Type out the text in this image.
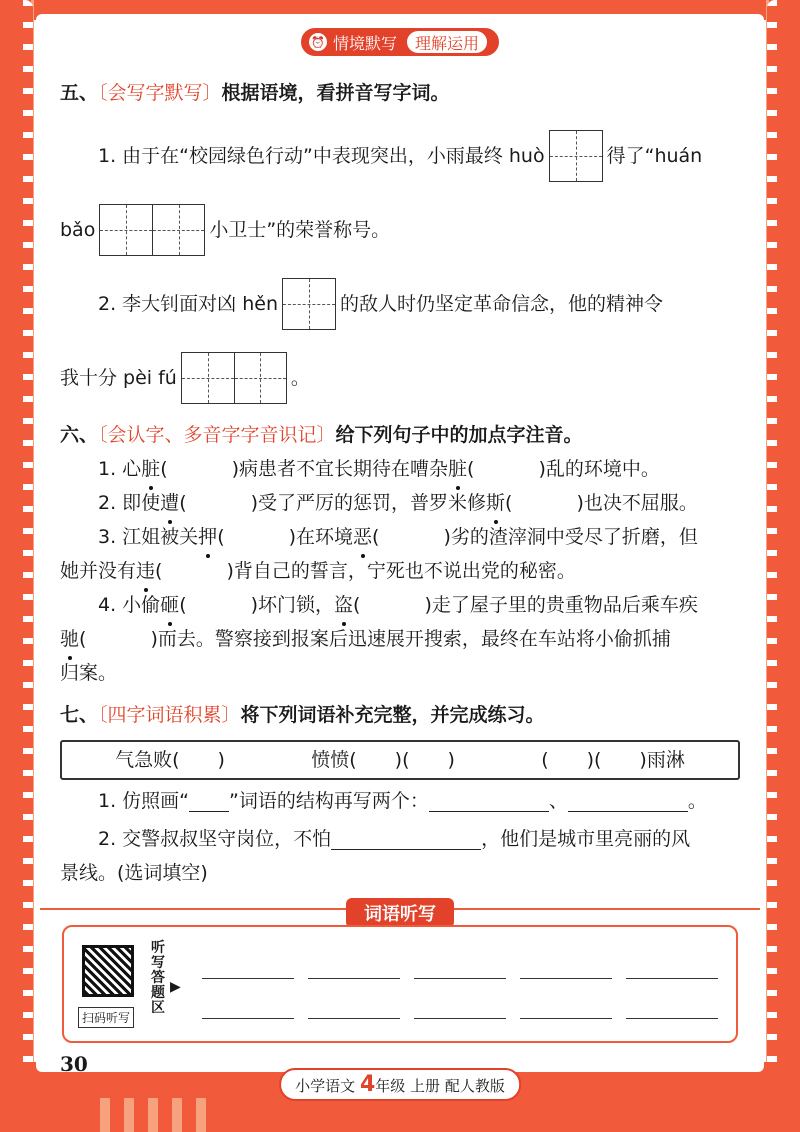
⏰ 情境默写	理解运用
五、〔会写字默写〕根据语境，看拼音写字词。
1. 由于在“校园绿色行动”中表现突出，小雨最终 huò	得了“huán
bǎo	小卫士”的荣誉称号。
2. 李大钊面对凶 hěn	的敌人时仍坚定革命信念，他的精神令
我十分 pèi fú	。
六、〔会认字、多音字字音识记〕给下列句子中的加点字注音。
1. 心脏(	)病患者不宜长期待在嘈杂脏(	)乱的环境中。
2. 即使遭(	)受了严厉的惩罚，普罗米修斯(	)也决不屈服。
3. 江姐被关押(	)在环境恶(	)劣的渣滓洞中受尽了折磨，但
她并没有违(	)背自己的誓言，宁死也不说出党的秘密。
4. 小偷砸(	)坏门锁，盗(	)走了屋子里的贵重物品后乘车疾
驰(	)而去。警察接到报案后迅速展开搜索，最终在车站将小偷抓捕
归案。
七、〔四字词语积累〕将下列词语补充完整，并完成练习。
气急败(　　)	愤愤(　　)(　　)	(　　)(　　)雨淋
1. 仿照画“ ”词语的结构再写两个：	、	。
2. 交警叔叔坚守岗位，不怕	，他们是城市里亮丽的风
景线。(选词填空)
词语听写
扫码听写
听写答题区
▶
30
小学语文 4年级 上册 配人教版
